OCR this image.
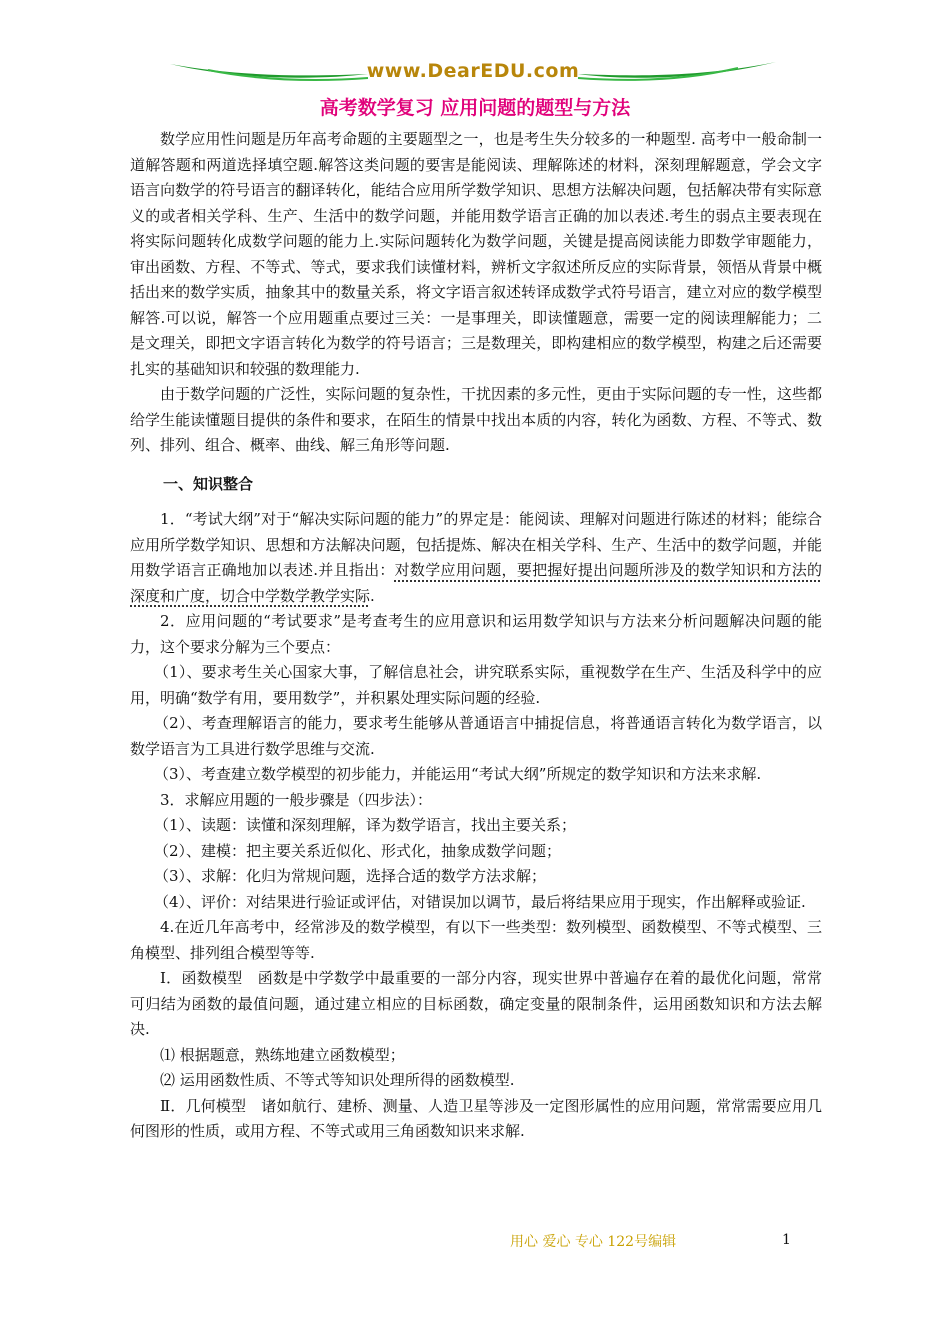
www.DearEDU.com
高考数学复习 应用问题的题型与方法

数学应用性问题是历年高考命题的主要题型之一，也是考生失分较多的一种题型. 高考中一般命制一道解答题和两道选择填空题.解答这类问题的要害是能阅读、理解陈述的材料，深刻理解题意，学会文字语言向数学的符号语言的翻译转化，能结合应用所学数学知识、思想方法解决问题，包括解决带有实际意义的或者相关学科、生产、生活中的数学问题，并能用数学语言正确的加以表述.考生的弱点主要表现在将实际问题转化成数学问题的能力上.实际问题转化为数学问题，关键是提高阅读能力即数学审题能力，审出函数、方程、不等式、等式，要求我们读懂材料，辨析文字叙述所反应的实际背景，领悟从背景中概括出来的数学实质，抽象其中的数量关系，将文字语言叙述转译成数学式符号语言，建立对应的数学模型解答.可以说，解答一个应用题重点要过三关：一是事理关，即读懂题意，需要一定的阅读理解能力；二是文理关，即把文字语言转化为数学的符号语言；三是数理关，即构建相应的数学模型，构建之后还需要扎实的基础知识和较强的数理能力.

由于数学问题的广泛性，实际问题的复杂性，干扰因素的多元性，更由于实际问题的专一性，这些都给学生能读懂题目提供的条件和要求，在陌生的情景中找出本质的内容，转化为函数、方程、不等式、数列、排列、组合、概率、曲线、解三角形等问题.

一、知识整合

1．“考试大纲”对于“解决实际问题的能力”的界定是：能阅读、理解对问题进行陈述的材料；能综合应用所学数学知识、思想和方法解决问题，包括提炼、解决在相关学科、生产、生活中的数学问题，并能用数学语言正确地加以表述.并且指出：对数学应用问题，要把握好提出问题所涉及的数学知识和方法的深度和广度，切合中学数学教学实际.

2．应用问题的“考试要求”是考查考生的应用意识和运用数学知识与方法来分析问题解决问题的能力，这个要求分解为三个要点：

（1）、要求考生关心国家大事，了解信息社会，讲究联系实际，重视数学在生产、生活及科学中的应用，明确“数学有用，要用数学”，并积累处理实际问题的经验.

（2）、考查理解语言的能力，要求考生能够从普通语言中捕捉信息，将普通语言转化为数学语言，以数学语言为工具进行数学思维与交流.

（3）、考查建立数学模型的初步能力，并能运用“考试大纲”所规定的数学知识和方法来求解.

3．求解应用题的一般步骤是（四步法）：

（1）、读题：读懂和深刻理解，译为数学语言，找出主要关系；

（2）、建模：把主要关系近似化、形式化，抽象成数学问题；

（3）、求解：化归为常规问题，选择合适的数学方法求解；

（4）、评价：对结果进行验证或评估，对错误加以调节，最后将结果应用于现实，作出解释或验证.

4.在近几年高考中，经常涉及的数学模型，有以下一些类型：数列模型、函数模型、不等式模型、三角模型、排列组合模型等等.

Ⅰ．函数模型　函数是中学数学中最重要的一部分内容，现实世界中普遍存在着的最优化问题，常常可归结为函数的最值问题，通过建立相应的目标函数，确定变量的限制条件，运用函数知识和方法去解决.

⑴ 根据题意，熟练地建立函数模型；

⑵ 运用函数性质、不等式等知识处理所得的函数模型.

Ⅱ．几何模型　诸如航行、建桥、测量、人造卫星等涉及一定图形属性的应用问题，常常需要应用几何图形的性质，或用方程、不等式或用三角函数知识来求解.

用心 爱心 专心 122号编辑	1
